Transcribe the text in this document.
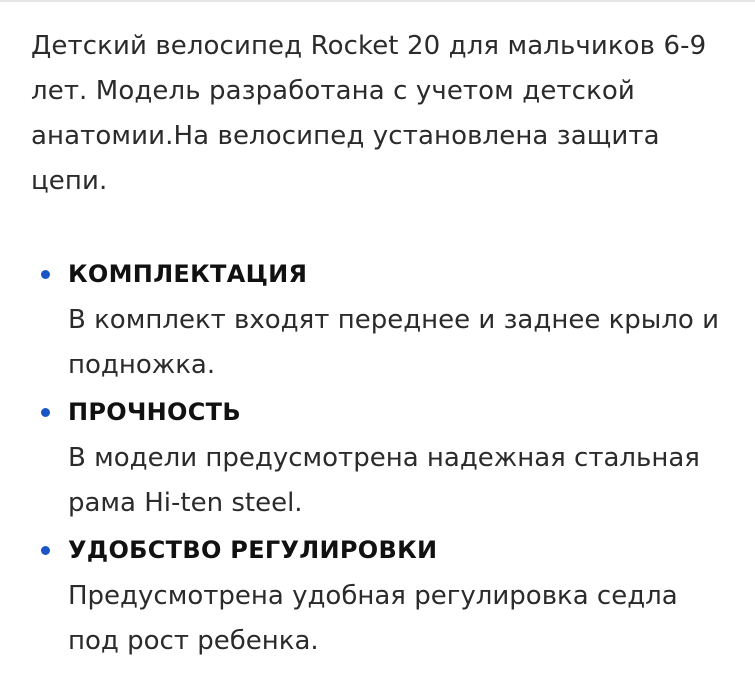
Детский велосипед Rocket 20 для мальчиков 6-9 лет. Модель разработана с учетом детской анатомии.На велосипед установлена защита цепи.

КОМПЛЕКТАЦИЯ
В комплект входят переднее и заднее крыло и подножка.
ПРОЧНОСТЬ
В модели предусмотрена надежная стальная рама Hi-ten steel.
УДОБСТВО РЕГУЛИРОВКИ
Предусмотрена удобная регулировка седла под рост ребенка.
